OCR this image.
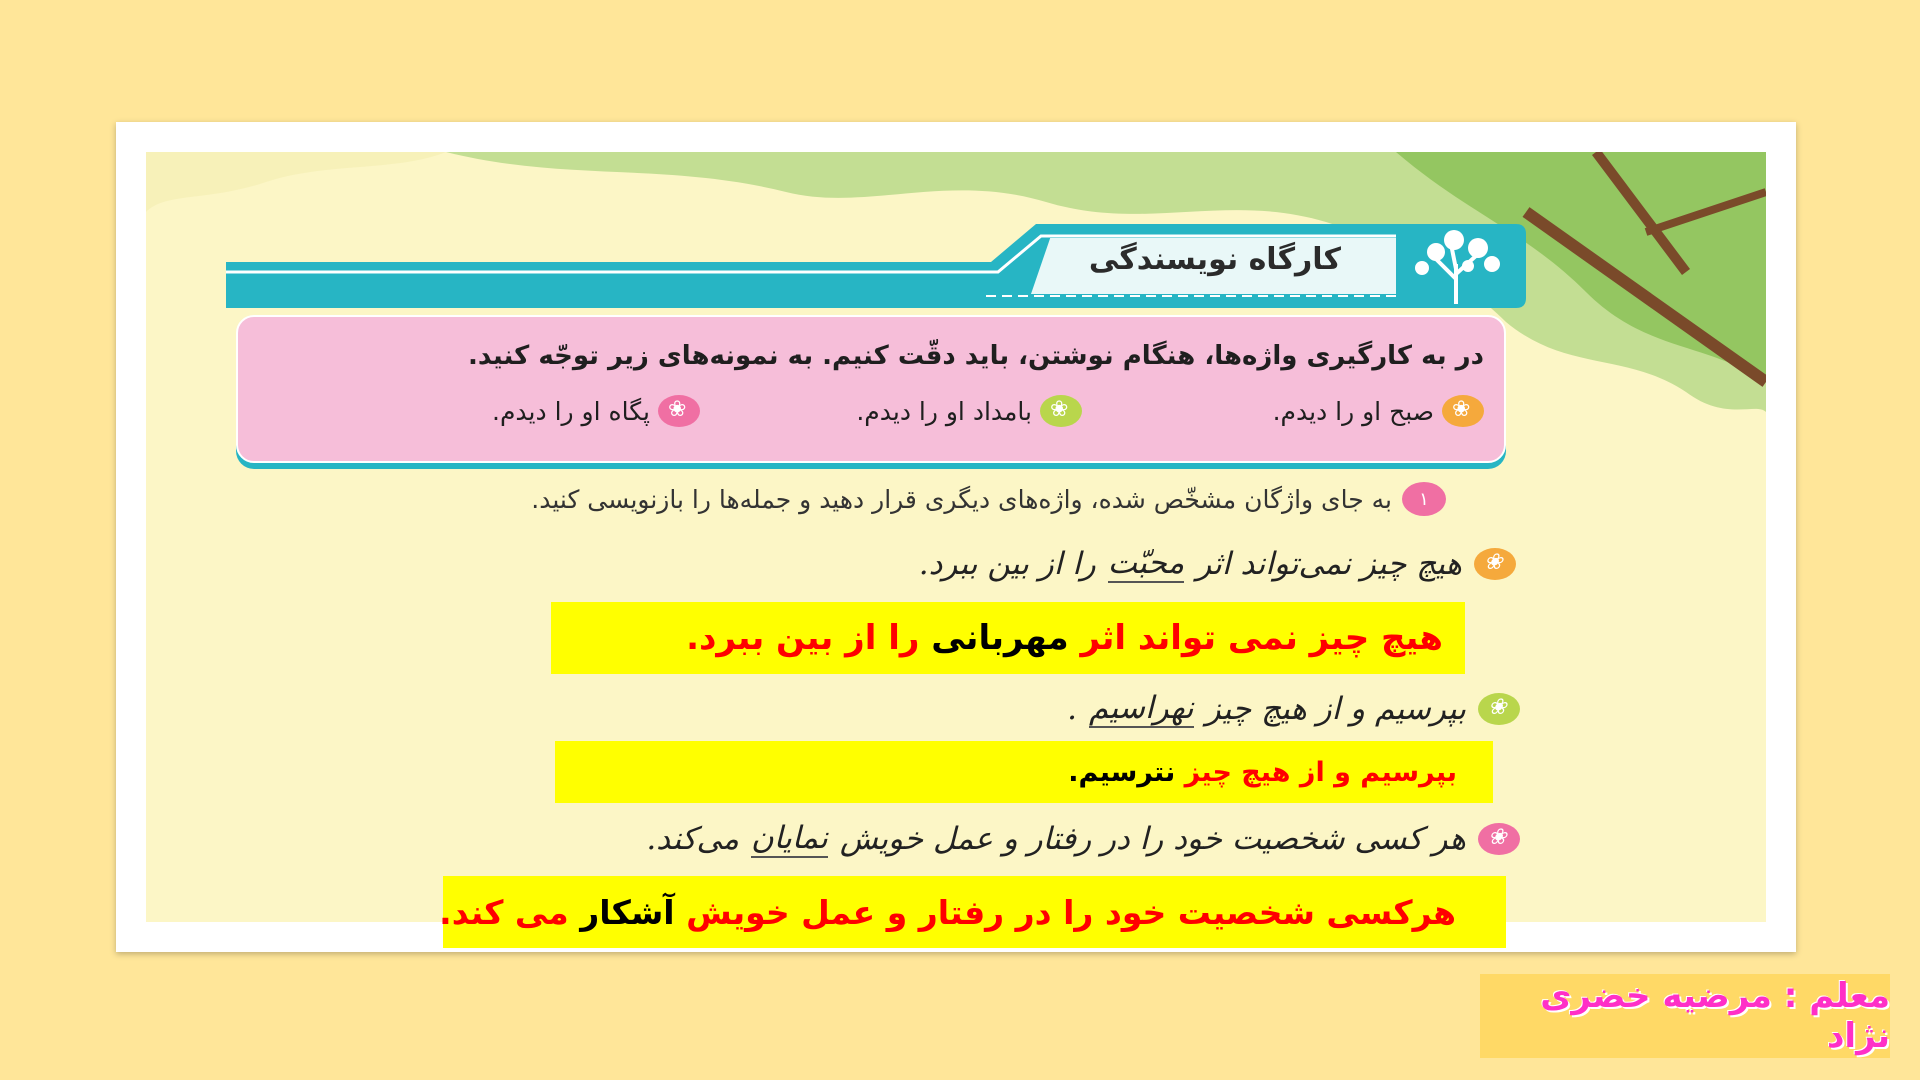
کارگاه نویسندگی
در به کارگیری واژه‌ها، هنگام نوشتن، باید دقّت کنیم. به نمونه‌های زیر توجّه کنید.
❀
صبح او را دیدم.
❀
بامداد او را دیدم.
❀
پگاه او را دیدم.
۱
به جای واژگان مشخّص شده، واژه‌های دیگری قرار دهید و جمله‌ها را بازنویسی کنید.
❀
هیچ چیز نمی‌تواند اثر
محبّت
را از بین ببرد.
هیچ چیز نمی تواند اثر

مهربانی

را از بین ببرد.
❀
بپرسیم و از هیچ چیز
نهراسیم
.
بپرسیم و از هیچ چیز

نترسیم
.
❀
هر کسی شخصیت خود را در رفتار و عمل خویش
نمایان
می‌کند.
هرکسی شخصیت خود را در رفتار و عمل خویش

آشکار

می کند.
معلم : مرضیه خضری نژاد
